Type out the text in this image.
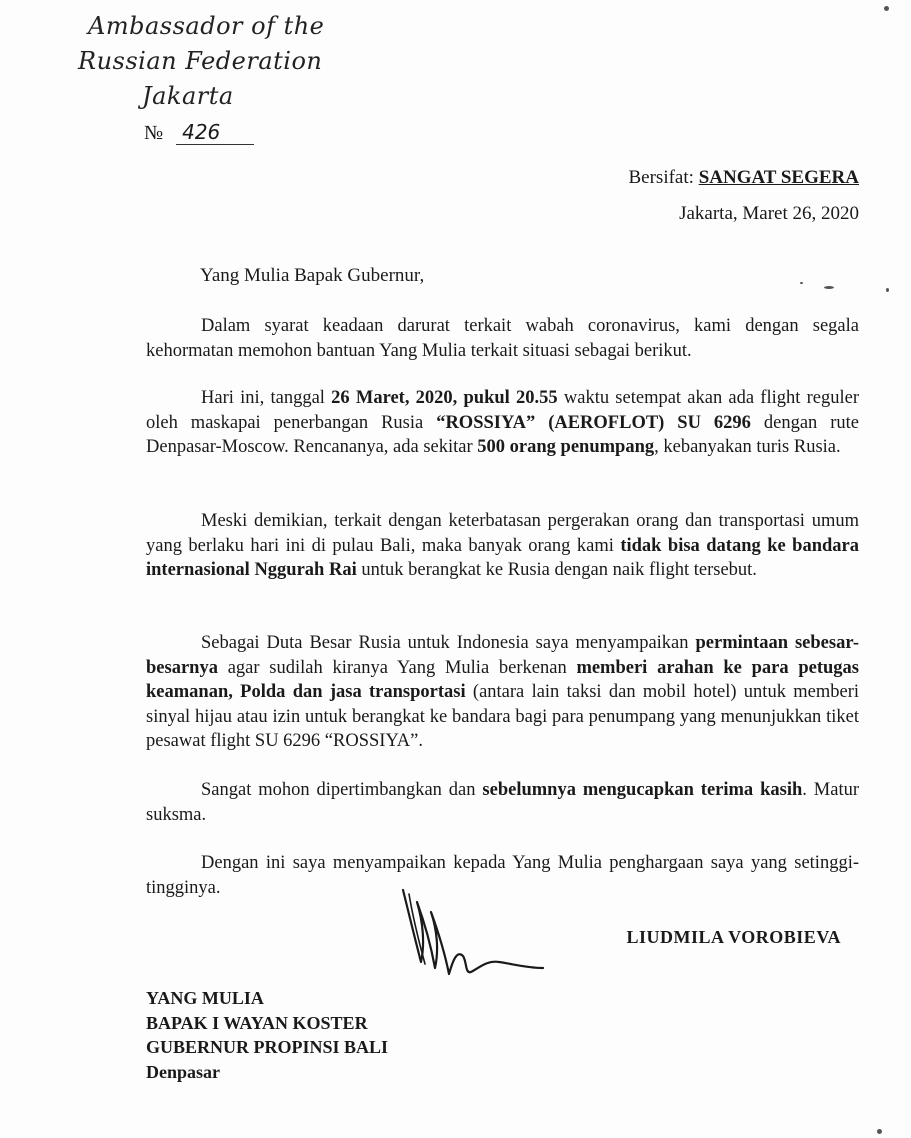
Ambassador of the
Russian Federation
Jakarta
№ 426
Bersifat: SANGAT SEGERA
Jakarta, Maret 26, 2020
Yang Mulia Bapak Gubernur,

Dalam syarat keadaan darurat terkait wabah coronavirus, kami dengan segala kehormatan memohon bantuan Yang Mulia terkait situasi sebagai berikut.

Hari ini, tanggal 26 Maret, 2020, pukul 20.55 waktu setempat akan ada flight reguler oleh maskapai penerbangan Rusia “ROSSIYA” (AEROFLOT) SU 6296 dengan rute Denpasar-Moscow. Rencananya, ada sekitar 500 orang penumpang, kebanyakan turis Rusia.

Meski demikian, terkait dengan keterbatasan pergerakan orang dan transportasi umum yang berlaku hari ini di pulau Bali, maka banyak orang kami tidak bisa datang ke bandara internasional Nggurah Rai untuk berangkat ke Rusia dengan naik flight tersebut.

Sebagai Duta Besar Rusia untuk Indonesia saya menyampaikan permintaan sebesar-besarnya agar sudilah kiranya Yang Mulia berkenan memberi arahan ke para petugas keamanan, Polda dan jasa transportasi (antara lain taksi dan mobil hotel) untuk memberi sinyal hijau atau izin untuk berangkat ke bandara bagi para penumpang yang menunjukkan tiket pesawat flight SU 6296 “ROSSIYA”.

Sangat mohon dipertimbangkan dan sebelumnya mengucapkan terima kasih. Matur suksma.

Dengan ini saya menyampaikan kepada Yang Mulia penghargaan saya yang setinggi-tingginya.

LIUDMILA VOROBIEVA
YANG MULIA
BAPAK I WAYAN KOSTER
GUBERNUR PROPINSI BALI
Denpasar
